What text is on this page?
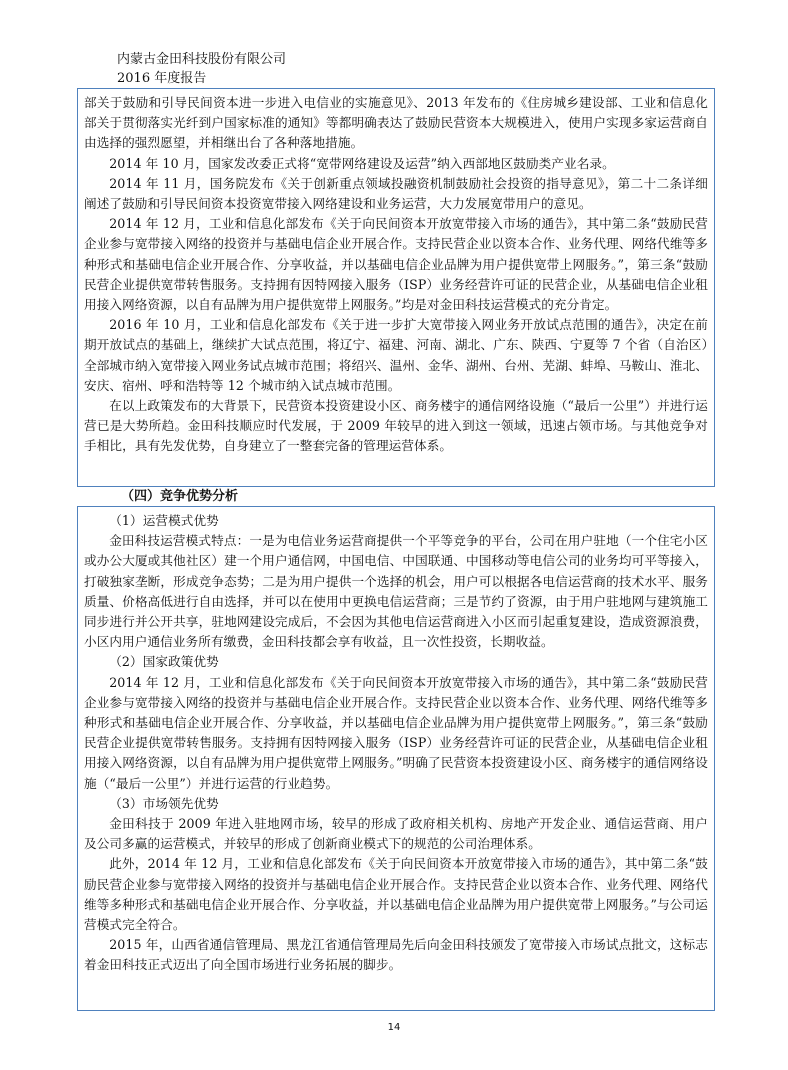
内蒙古金田科技股份有限公司
2016 年度报告

部关于鼓励和引导民间资本进一步进入电信业的实施意见》、2013 年发布的《住房城乡建设部、工业和信息化部关于贯彻落实光纤到户国家标准的通知》等都明确表达了鼓励民营资本大规模进入，使用户实现多家运营商自由选择的强烈愿望，并相继出台了各种落地措施。

2014 年 10 月，国家发改委正式将“宽带网络建设及运营”纳入西部地区鼓励类产业名录。

2014 年 11 月，国务院发布《关于创新重点领域投融资机制鼓励社会投资的指导意见》，第二十二条详细阐述了鼓励和引导民间资本投资宽带接入网络建设和业务运营，大力发展宽带用户的意见。

2014 年 12 月，工业和信息化部发布《关于向民间资本开放宽带接入市场的通告》，其中第二条“鼓励民营企业参与宽带接入网络的投资并与基础电信企业开展合作。支持民营企业以资本合作、业务代理、网络代维等多种形式和基础电信企业开展合作、分享收益，并以基础电信企业品牌为用户提供宽带上网服务。”，第三条“鼓励民营企业提供宽带转售服务。支持拥有因特网接入服务（ISP）业务经营许可证的民营企业，从基础电信企业租用接入网络资源，以自有品牌为用户提供宽带上网服务。”均是对金田科技运营模式的充分肯定。

2016 年 10 月，工业和信息化部发布《关于进一步扩大宽带接入网业务开放试点范围的通告》，决定在前期开放试点的基础上，继续扩大试点范围，将辽宁、福建、河南、湖北、广东、陕西、宁夏等 7 个省（自治区）全部城市纳入宽带接入网业务试点城市范围；将绍兴、温州、金华、湖州、台州、芜湖、蚌埠、马鞍山、淮北、安庆、宿州、呼和浩特等 12 个城市纳入试点城市范围。

在以上政策发布的大背景下，民营资本投资建设小区、商务楼宇的通信网络设施（“最后一公里”）并进行运营已是大势所趋。金田科技顺应时代发展，于 2009 年较早的进入到这一领域，迅速占领市场。与其他竞争对手相比，具有先发优势，自身建立了一整套完备的管理运营体系。

（四）竞争优势分析

（1）运营模式优势

金田科技运营模式特点：一是为电信业务运营商提供一个平等竞争的平台，公司在用户驻地（一个住宅小区或办公大厦或其他社区）建一个用户通信网，中国电信、中国联通、中国移动等电信公司的业务均可平等接入，打破独家垄断，形成竞争态势；二是为用户提供一个选择的机会，用户可以根据各电信运营商的技术水平、服务质量、价格高低进行自由选择，并可以在使用中更换电信运营商；三是节约了资源，由于用户驻地网与建筑施工同步进行并公开共享，驻地网建设完成后，不会因为其他电信运营商进入小区而引起重复建设，造成资源浪费，小区内用户通信业务所有缴费，金田科技都会享有收益，且一次性投资，长期收益。

（2）国家政策优势

2014 年 12 月，工业和信息化部发布《关于向民间资本开放宽带接入市场的通告》，其中第二条“鼓励民营企业参与宽带接入网络的投资并与基础电信企业开展合作。支持民营企业以资本合作、业务代理、网络代维等多种形式和基础电信企业开展合作、分享收益，并以基础电信企业品牌为用户提供宽带上网服务。”，第三条“鼓励民营企业提供宽带转售服务。支持拥有因特网接入服务（ISP）业务经营许可证的民营企业，从基础电信企业租用接入网络资源，以自有品牌为用户提供宽带上网服务。”明确了民营资本投资建设小区、商务楼宇的通信网络设施（“最后一公里”）并进行运营的行业趋势。

（3）市场领先优势

金田科技于 2009 年进入驻地网市场，较早的形成了政府相关机构、房地产开发企业、通信运营商、用户及公司多赢的运营模式，并较早的形成了创新商业模式下的规范的公司治理体系。

此外，2014 年 12 月，工业和信息化部发布《关于向民间资本开放宽带接入市场的通告》，其中第二条“鼓励民营企业参与宽带接入网络的投资并与基础电信企业开展合作。支持民营企业以资本合作、业务代理、网络代维等多种形式和基础电信企业开展合作、分享收益，并以基础电信企业品牌为用户提供宽带上网服务。”与公司运营模式完全符合。

2015 年，山西省通信管理局、黑龙江省通信管理局先后向金田科技颁发了宽带接入市场试点批文，这标志着金田科技正式迈出了向全国市场进行业务拓展的脚步。

14
